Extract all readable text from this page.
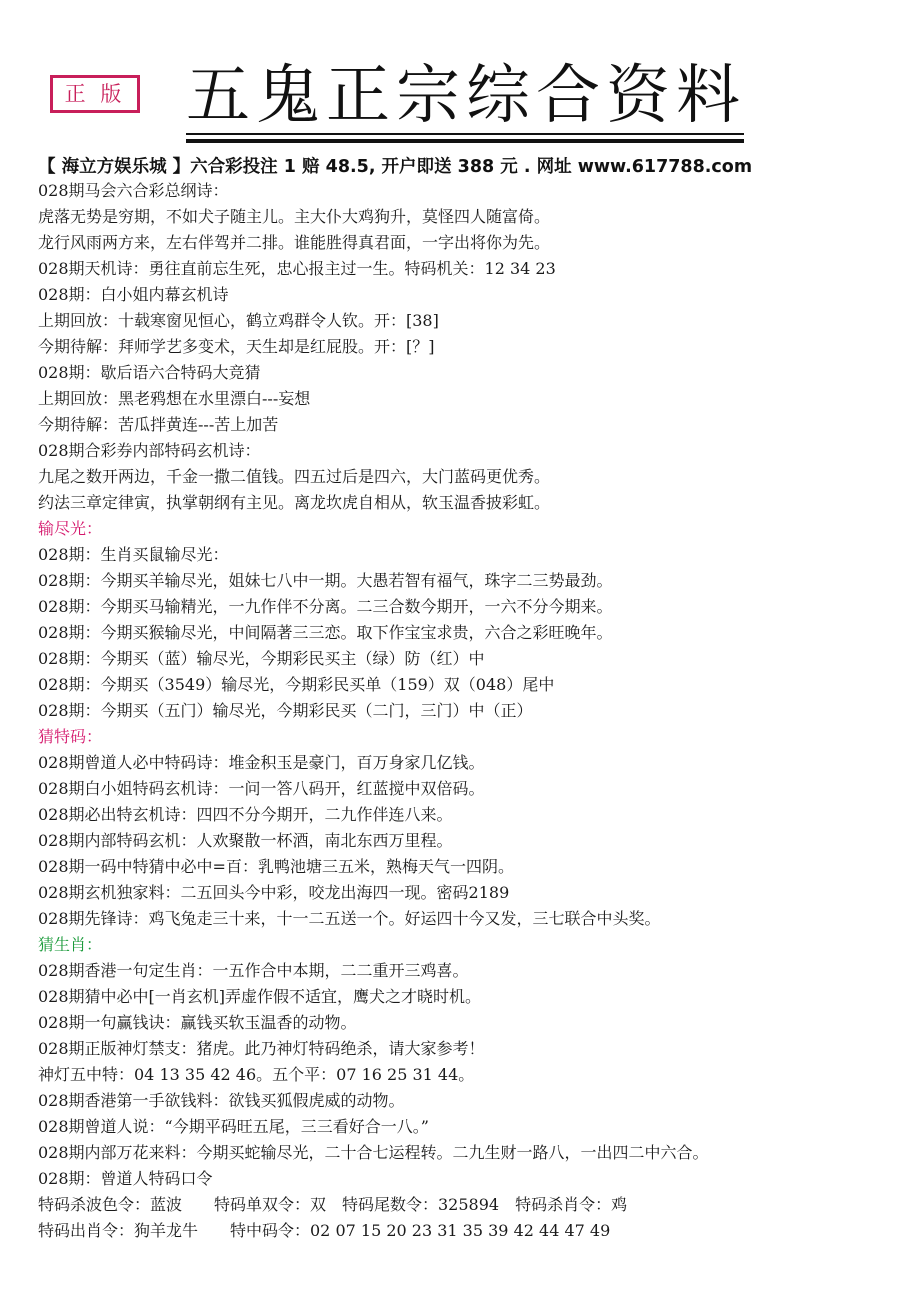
正 版 五鬼正宗综合资料
【 海立方娱乐城 】六合彩投注 1 赔 48.5, 开户即送 388 元 . 网址 www.617788.com
028期马会六合彩总纲诗：
虎落无势是穷期，不如犬子随主儿。主大仆大鸡狗升，莫怪四人随富倚。
龙行风雨两方来，左右伴驾并二排。谁能胜得真君面，一字出将你为先。
028期天机诗：勇往直前忘生死，忠心报主过一生。特码机关：12 34 23
028期：白小姐内幕玄机诗
上期回放：十载寒窗见恒心，鹤立鸡群令人钦。开：[38]
今期待解：拜师学艺多变术，天生却是红屁股。开：[？]
028期：歇后语六合特码大竞猜
上期回放：黑老鸦想在水里漂白---妄想
今期待解：苦瓜拌黄连---苦上加苦
028期合彩券内部特码玄机诗：
九尾之数开两边，千金一撒二值钱。四五过后是四六，大门蓝码更优秀。
约法三章定律寅，执掌朝纲有主见。离龙坎虎自相从，软玉温香披彩虹。
输尽光：
028期：生肖买鼠输尽光：
028期：今期买羊输尽光，姐妹七八中一期。大愚若智有福气，珠字二三势最劲。
028期：今期买马输精光，一九作伴不分离。二三合数今期开，一六不分今期来。
028期：今期买猴输尽光，中间隔著三三恋。取下作宝宝求贵，六合之彩旺晚年。
028期：今期买（蓝）输尽光，今期彩民买主（绿）防（红）中
028期：今期买（3549）输尽光，今期彩民买单（159）双（048）尾中
028期：今期买（五门）输尽光，今期彩民买（二门，三门）中（正）
猜特码：
028期曾道人必中特码诗：堆金积玉是豪门，百万身家几亿钱。
028期白小姐特码玄机诗：一问一答八码开，红蓝搅中双倍码。
028期必出特玄机诗：四四不分今期开，二九作伴连八来。
028期内部特码玄机：人欢聚散一杯酒，南北东西万里程。
028期一码中特猜中必中=百：乳鸭池塘三五米，熟梅天气一四阴。
028期玄机独家料：二五回头今中彩，咬龙出海四一现。密码2189
028期先锋诗：鸡飞兔走三十来，十一二五送一个。好运四十今又发，三七联合中头奖。
猜生肖：
028期香港一句定生肖：一五作合中本期，二二重开三鸡喜。
028期猜中必中[一肖玄机]弄虚作假不适宜，鹰犬之才晓时机。
028期一句赢钱诀：赢钱买软玉温香的动物。
028期正版神灯禁支：猪虎。此乃神灯特码绝杀，请大家参考！
神灯五中特：04 13 35 42 46。五个平：07 16 25 31 44。
028期香港第一手欲钱料：欲钱买狐假虎威的动物。
028期曾道人说：“今期平码旺五尾，三三看好合一八。”
028期内部万花来料：今期买蛇输尽光，二十合七运程转。二九生财一路八，一出四二中六合。
028期：曾道人特码口令
特码杀波色令：蓝波　　特码单双令：双　特码尾数令：325894　特码杀肖令：鸡
特码出肖令：狗羊龙牛　　特中码令：02 07 15 20 23 31 35 39 42 44 47 49
